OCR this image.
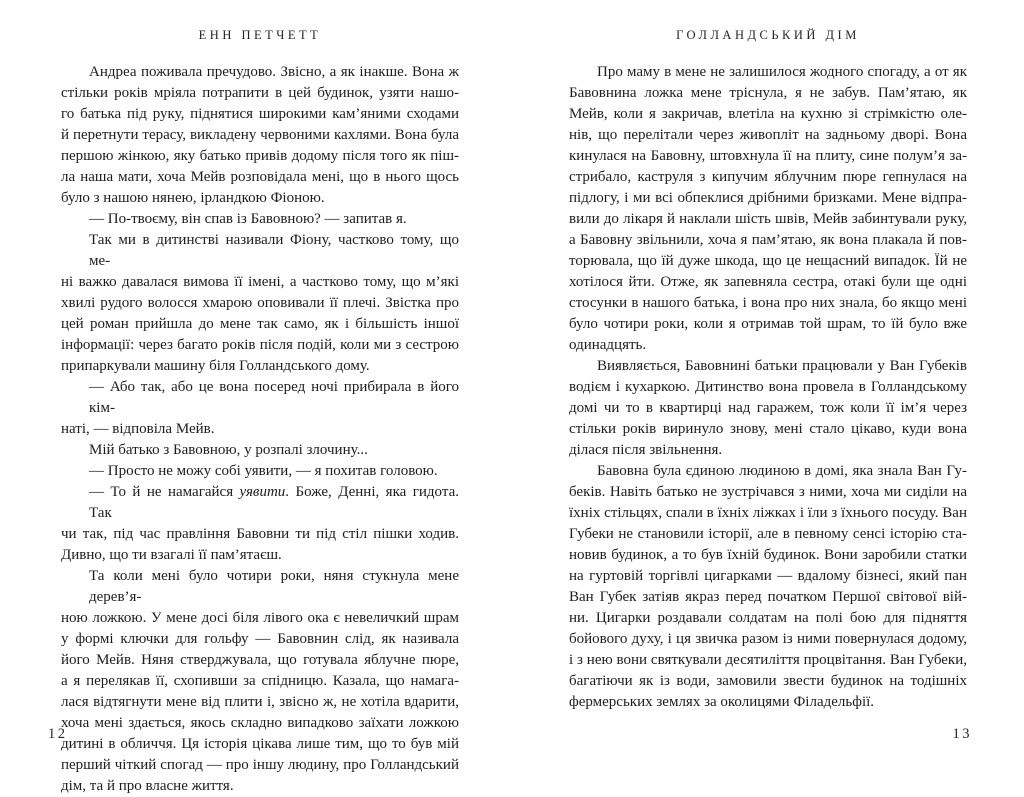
ЕНН ПЕТЧЕТТ
Андреа поживала пречудово. Звісно, а як інакше. Вона ж
стільки років мріяла потрапити в цей будинок, узяти нашо-
го батька під руку, піднятися широкими кам’яними сходами
й перетнути терасу, викладену червоними кахлями. Вона була
першою жінкою, яку батько привів додому після того як піш-
ла наша мати, хоча Мейв розповідала мені, що в нього щось
було з нашою нянею, ірландкою Фіоною.
— По-твоєму, він спав із Бавовною? — запитав я.
Так ми в дитинстві називали Фіону, частково тому, що ме-
ні важко давалася вимова її імені, а частково тому, що м’які
хвилі рудого волосся хмарою оповивали її плечі. Звістка про
цей роман прийшла до мене так само, як і більшість іншої
інформації: через багато років після подій, коли ми з сестрою
припаркували машину біля Голландського дому.
— Або так, або це вона посеред ночі прибирала в його кім-
наті, — відповіла Мейв.
Мій батько з Бавовною, у розпалі злочину...
— Просто не можу собі уявити, — я похитав головою.
— То й не намагайся уявити. Боже, Денні, яка гидота. Так
чи так, під час правління Бавовни ти під стіл пішки ходив.
Дивно, що ти взагалі її пам’ятаєш.
Та коли мені було чотири роки, няня стукнула мене дерев’я-
ною ложкою. У мене досі біля лівого ока є невеличкий шрам
у формі ключки для гольфу — Бавовнин слід, як називала
його Мейв. Няня стверджувала, що готувала яблучне пюре,
а я перелякав її, схопивши за спідницю. Казала, що намага-
лася відтягнути мене від плити і, звісно ж, не хотіла вдарити,
хоча мені здається, якось складно випадково заїхати ложкою
дитині в обличчя. Ця історія цікава лише тим, що то був мій
перший чіткий спогад — про іншу людину, про Голландський
дім, та й про власне життя.
12
ГОЛЛАНДСЬКИЙ ДІМ
Про маму в мене не залишилося жодного спогаду, а от як
Бавовнина ложка мене тріснула, я не забув. Пам’ятаю, як
Мейв, коли я закричав, влетіла на кухню зі стрімкістю оле-
нів, що перелітали через живопліт на задньому дворі. Вона
кинулася на Бавовну, штовхнула її на плиту, сине полум’я за-
стрибало, каструля з кипучим яблучним пюре гепнулася на
підлогу, і ми всі обпеклися дрібними бризками. Мене відпра-
вили до лікаря й наклали шість швів, Мейв забинтували руку,
а Бавовну звільнили, хоча я пам’ятаю, як вона плакала й пов-
торювала, що їй дуже шкода, що це нещасний випадок. Їй не
хотілося йти. Отже, як запевняла сестра, отакі були ще одні
стосунки в нашого батька, і вона про них знала, бо якщо мені
було чотири роки, коли я отримав той шрам, то їй було вже
одинадцять.
Виявляється, Бавовнині батьки працювали у Ван Губеків
водієм і кухаркою. Дитинство вона провела в Голландському
домі чи то в квартирці над гаражем, тож коли її ім’я через
стільки років виринуло знову, мені стало цікаво, куди вона
ділася після звільнення.
Бавовна була єдиною людиною в домі, яка знала Ван Гу-
беків. Навіть батько не зустрічався з ними, хоча ми сиділи на
їхніх стільцях, спали в їхніх ліжках і їли з їхнього посуду. Ван
Губеки не становили історії, але в певному сенсі історію ста-
новив будинок, а то був їхній будинок. Вони заробили статки
на гуртовій торгівлі цигарками — вдалому бізнесі, який пан
Ван Губек затіяв якраз перед початком Першої світової вій-
ни. Цигарки роздавали солдатам на полі бою для підняття
бойового духу, і ця звичка разом із ними повернулася додому,
і з нею вони святкували десятиліття процвітання. Ван Губеки,
багатіючи як із води, замовили звести будинок на тодішніх
фермерських землях за околицями Філадельфії.
13
